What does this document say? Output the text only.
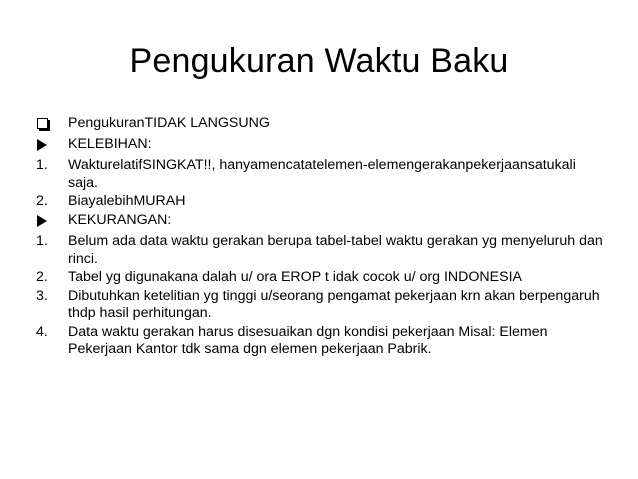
Pengukuran Waktu Baku
PengukuranTIDAK LANGSUNG
KELEBIHAN:
1.	WakturelatifSINGKAT!!, hanyamencatatelemen-elemengerakanpekerjaansatukali saja.
2.	BiayalebihMURAH
KEKURANGAN:
1.	Belum ada data waktu gerakan berupa tabel-tabel waktu gerakan yg menyeluruh dan rinci.
2.	Tabel yg digunakana dalah u/ ora EROP t idak cocok u/ org INDONESIA
3.	Dibutuhkan ketelitian yg tinggi u/seorang pengamat pekerjaan krn akan berpengaruh thdp hasil perhitungan.
4.	Data waktu gerakan harus disesuaikan dgn kondisi pekerjaan Misal: Elemen Pekerjaan Kantor tdk sama dgn elemen pekerjaan Pabrik.
